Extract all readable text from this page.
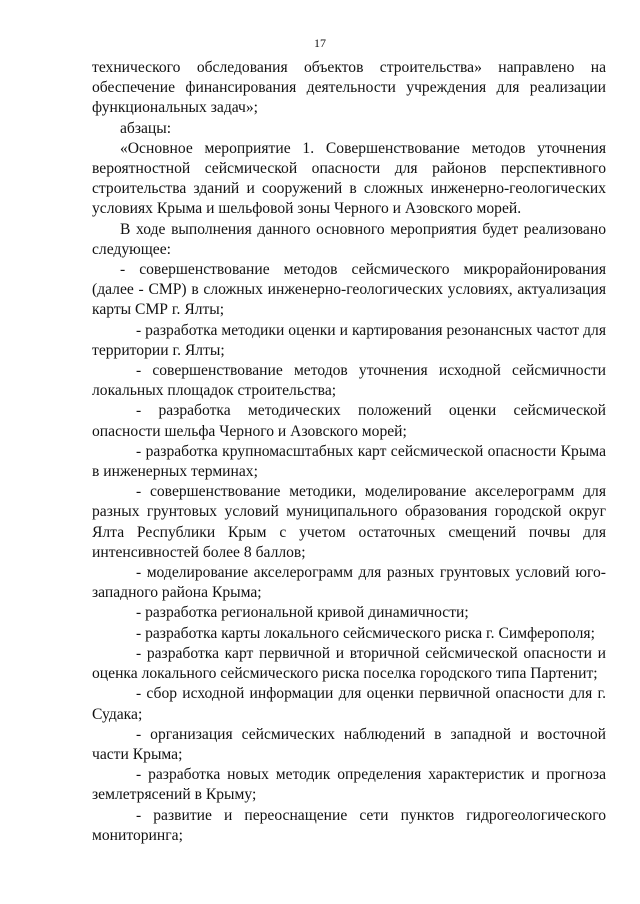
17

технического обследования объектов строительства» направлено на обеспечение финансирования деятельности учреждения для реализации функциональных задач»;

абзацы:

«Основное мероприятие 1. Совершенствование методов уточнения вероятностной сейсмической опасности для районов перспективного строительства зданий и сооружений в сложных инженерно-геологических условиях Крыма и шельфовой зоны Черного и Азовского морей.

В ходе выполнения данного основного мероприятия будет реализовано следующее:

- совершенствование методов сейсмического микрорайонирования (далее - СМР) в сложных инженерно-геологических условиях, актуализация карты СМР г. Ялты;

- разработка методики оценки и картирования резонансных частот для территории г. Ялты;

- совершенствование методов уточнения исходной сейсмичности локальных площадок строительства;

- разработка методических положений оценки сейсмической опасности шельфа Черного и Азовского морей;

- разработка крупномасштабных карт сейсмической опасности Крыма в инженерных терминах;

- совершенствование методики, моделирование акселерограмм для разных грунтовых условий муниципального образования городской округ Ялта Республики Крым с учетом остаточных смещений почвы для интенсивностей более 8 баллов;

- моделирование акселерограмм для разных грунтовых условий юго-западного района Крыма;

- разработка региональной кривой динамичности;

- разработка карты локального сейсмического риска г. Симферополя;

- разработка карт первичной и вторичной сейсмической опасности и оценка локального сейсмического риска поселка городского типа Партенит;

- сбор исходной информации для оценки первичной опасности для г. Судака;

- организация сейсмических наблюдений в западной и восточной части Крыма;

- разработка новых методик определения характеристик и прогноза землетрясений в Крыму;

- развитие и переоснащение сети пунктов гидрогеологического мониторинга;
